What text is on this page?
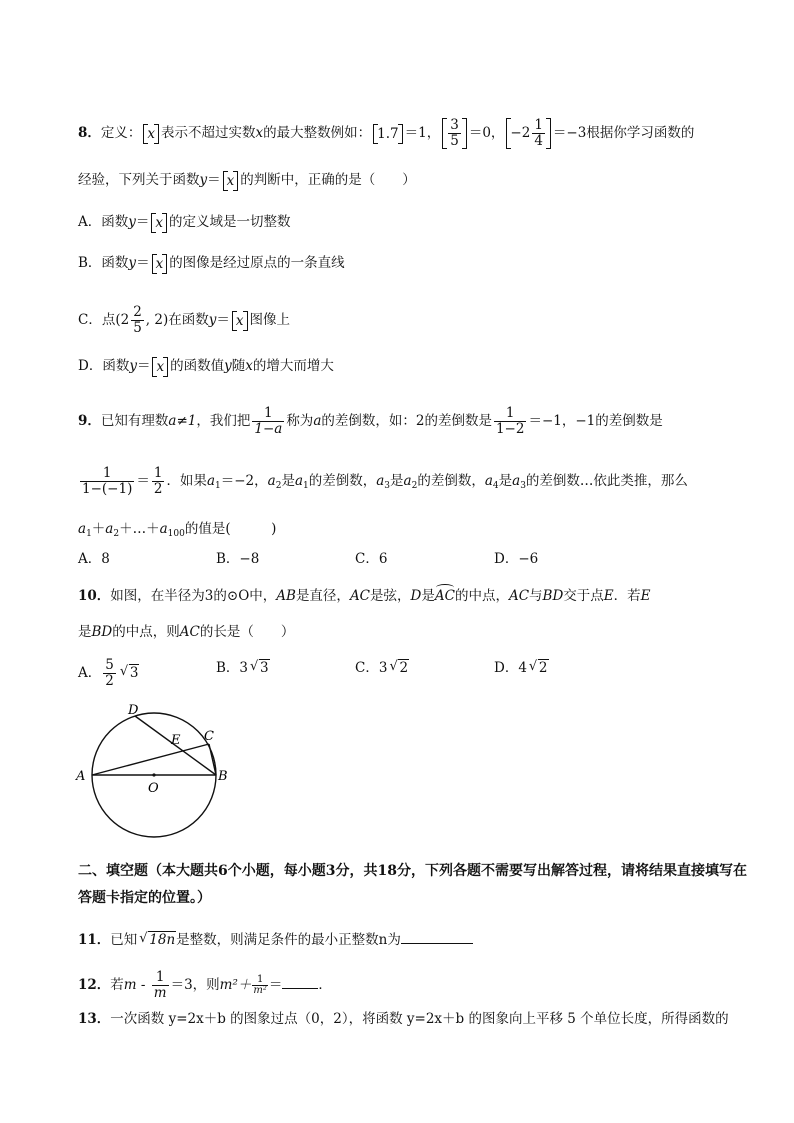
8．定义： x 表示不超过实数x的最大整数例如： 1.7 ＝1， $\frac{3}{5} =0$， $-2 \frac{1}{4} =-3$根据你学习函数的
经验，下列关于函数y＝ x 的判断中，正确的是（　　）
A．函数y＝ x 的定义域是一切整数
B．函数y＝ x 的图像是经过原点的一条直线
C．点($2 \frac{2}{5}$ , 2)在函数y＝ x 图像上
D．函数y＝ x 的函数值y随x的增大而增大
9．已知有理数a≠1，我们把 $\frac{1}{1-a}$ 称为a的差倒数，如：2的差倒数是 $\frac{1}{1-2} =-1$，−1的差倒数是
$\frac{1}{1-(-1)} = \frac{1}{2}$ ．如果$a_1=-2$，$a_2$是$a_1$的差倒数，$a_3$是$a_2$的差倒数，$a_4$是$a_3$的差倒数…依此类推，那么
$a_1+a_2+\dots+a_{100}$的值是(　　　)
A．8	B．−8	C．6	D．−6
10．如图，在半径为3的⊙O中，AB是直径，AC是弦，D是AC的中点，AC与BD交于点E．若E
是BD的中点，则AC的长是（　　）
A． $\frac{5}{2}$ √ 3	B．3 √ 3	C．3 √ 2	D．4 √ 2
A	B
C
D
E
O
二、填空题（本大题共6个小题，每小题3分，共18分，下列各题不需要写出解答过程，请将结果直接填写在答题卡指定的位置。）
11．已知 √ 18n是整数，则满足条件的最小正整数n为
12．若$m - \frac{1}{m} =3$，则$m^2+ \frac{1}{\text{m²}}$ ＝	．
13．一次函数 y=2x＋b 的图象过点（0，2），将函数 y=2x＋b 的图象向上平移 5 个单位长度，所得函数的
